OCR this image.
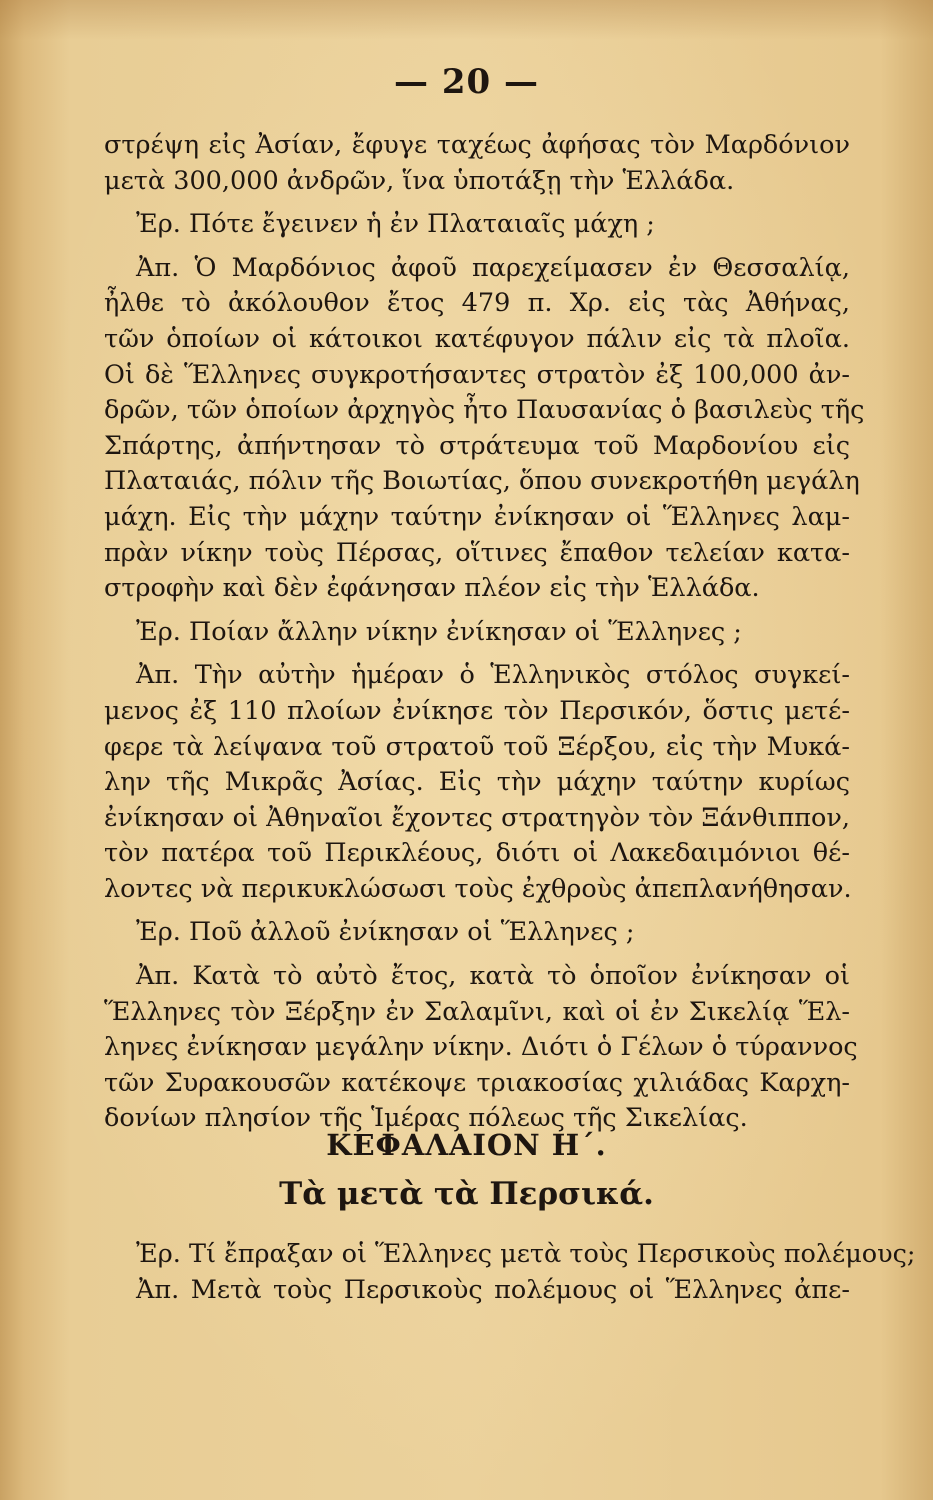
— 20 —
στρέψη εἰς Ἀσίαν, ἔφυγε ταχέως ἀφήσας τὸν Μαρδόνιον
μετὰ 300,000 ἀνδρῶν, ἵνα ὑποτάξῃ τὴν Ἑλλάδα.
Ἐρ. Πότε ἔγεινεν ἡ ἐν Πλαταιαῖς μάχη ;
Ἀπ. Ὁ Μαρδόνιος ἀφοῦ παρεχείμασεν ἐν Θεσσαλίᾳ,
ἦλθε τὸ ἀκόλουθον ἔτος 479 π. Χρ. εἰς τὰς Ἀθήνας,
τῶν ὁποίων οἱ κάτοικοι κατέφυγον πάλιν εἰς τὰ πλοῖα.
Οἱ δὲ Ἕλληνες συγκροτήσαντες στρατὸν ἐξ 100,000 ἀν-
δρῶν, τῶν ὁποίων ἀρχηγὸς ἦτο Παυσανίας ὁ βασιλεὺς τῆς
Σπάρτης, ἀπήντησαν τὸ στράτευμα τοῦ Μαρδονίου εἰς
Πλαταιάς, πόλιν τῆς Βοιωτίας, ὅπου συνεκροτήθη μεγάλη
μάχη. Εἰς τὴν μάχην ταύτην ἐνίκησαν οἱ Ἕλληνες λαμ-
πρὰν νίκην τοὺς Πέρσας, οἵτινες ἔπαθον τελείαν κατα-
στροφὴν καὶ δὲν ἐφάνησαν πλέον εἰς τὴν Ἑλλάδα.
Ἐρ. Ποίαν ἄλλην νίκην ἐνίκησαν οἱ Ἕλληνες ;
Ἀπ. Τὴν αὐτὴν ἡμέραν ὁ Ἑλληνικὸς στόλος συγκεί-
μενος ἐξ 110 πλοίων ἐνίκησε τὸν Περσικόν, ὅστις μετέ-
φερε τὰ λείψανα τοῦ στρατοῦ τοῦ Ξέρξου, εἰς τὴν Μυκά-
λην τῆς Μικρᾶς Ἀσίας. Εἰς τὴν μάχην ταύτην κυρίως
ἐνίκησαν οἱ Ἀθηναῖοι ἔχοντες στρατηγὸν τὸν Ξάνθιππον,
τὸν πατέρα τοῦ Περικλέους, διότι οἱ Λακεδαιμόνιοι θέ-
λοντες νὰ περικυκλώσωσι τοὺς ἐχθροὺς ἀπεπλανήθησαν.
Ἐρ. Ποῦ ἀλλοῦ ἐνίκησαν οἱ Ἕλληνες ;
Ἀπ. Κατὰ τὸ αὐτὸ ἔτος, κατὰ τὸ ὁποῖον ἐνίκησαν οἱ
Ἕλληνες τὸν Ξέρξην ἐν Σαλαμῖνι, καὶ οἱ ἐν Σικελίᾳ Ἕλ-
ληνες ἐνίκησαν μεγάλην νίκην. Διότι ὁ Γέλων ὁ τύραννος
τῶν Συρακουσῶν κατέκοψε τριακοσίας χιλιάδας Καρχη-
δονίων πλησίον τῆς Ἱμέρας πόλεως τῆς Σικελίας.
ΚΕΦΑΛΑΙΟΝ Η΄.
Τὰ μετὰ τὰ Περσικά.
Ἐρ. Τί ἔπραξαν οἱ Ἕλληνες μετὰ τοὺς Περσικοὺς πολέμους;
Ἀπ. Μετὰ τοὺς Περσικοὺς πολέμους οἱ Ἕλληνες ἀπε-
